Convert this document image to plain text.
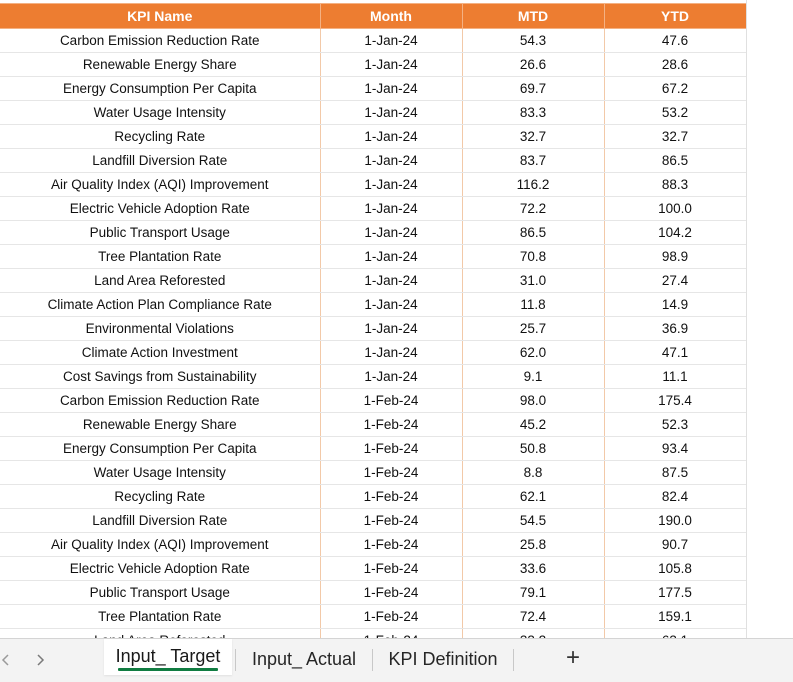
KPI Name	Month	MTD	YTD
Carbon Emission Reduction Rate	1-Jan-24	54.3	47.6
Renewable Energy Share	1-Jan-24	26.6	28.6
Energy Consumption Per Capita	1-Jan-24	69.7	67.2
Water Usage Intensity	1-Jan-24	83.3	53.2
Recycling Rate	1-Jan-24	32.7	32.7
Landfill Diversion Rate	1-Jan-24	83.7	86.5
Air Quality Index (AQI) Improvement	1-Jan-24	116.2	88.3
Electric Vehicle Adoption Rate	1-Jan-24	72.2	100.0
Public Transport Usage	1-Jan-24	86.5	104.2
Tree Plantation Rate	1-Jan-24	70.8	98.9
Land Area Reforested	1-Jan-24	31.0	27.4
Climate Action Plan Compliance Rate	1-Jan-24	11.8	14.9
Environmental Violations	1-Jan-24	25.7	36.9
Climate Action Investment	1-Jan-24	62.0	47.1
Cost Savings from Sustainability	1-Jan-24	9.1	11.1
Carbon Emission Reduction Rate	1-Feb-24	98.0	175.4
Renewable Energy Share	1-Feb-24	45.2	52.3
Energy Consumption Per Capita	1-Feb-24	50.8	93.4
Water Usage Intensity	1-Feb-24	8.8	87.5
Recycling Rate	1-Feb-24	62.1	82.4
Landfill Diversion Rate	1-Feb-24	54.5	190.0
Air Quality Index (AQI) Improvement	1-Feb-24	25.8	90.7
Electric Vehicle Adoption Rate	1-Feb-24	33.6	105.8
Public Transport Usage	1-Feb-24	79.1	177.5
Tree Plantation Rate	1-Feb-24	72.4	159.1

Input_ Target	Input_ Actual	KPI Definition	+
